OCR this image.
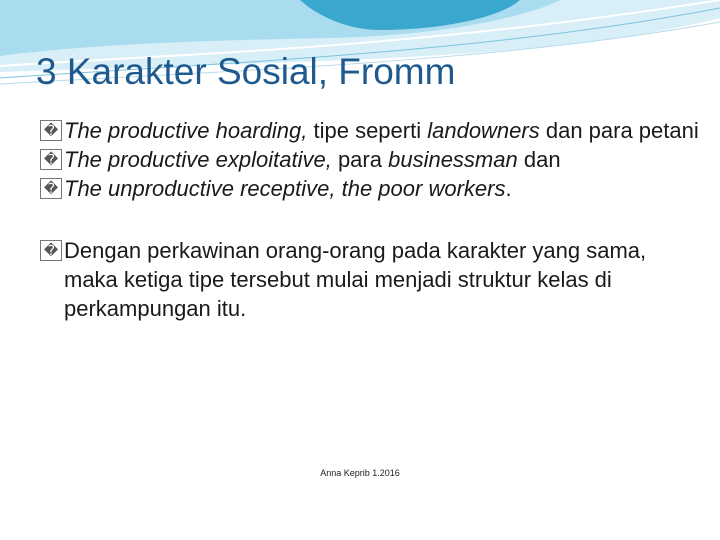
3 Karakter Sosial, Fromm
� The productive hoarding, tipe seperti landowners dan para petani
� The productive exploitative, para businessman dan
� The unproductive receptive, the poor workers.
� Dengan perkawinan orang-orang pada karakter yang sama, maka ketiga tipe tersebut mulai menjadi struktur kelas di perkampungan itu.
Anna Keprib 1.2016
